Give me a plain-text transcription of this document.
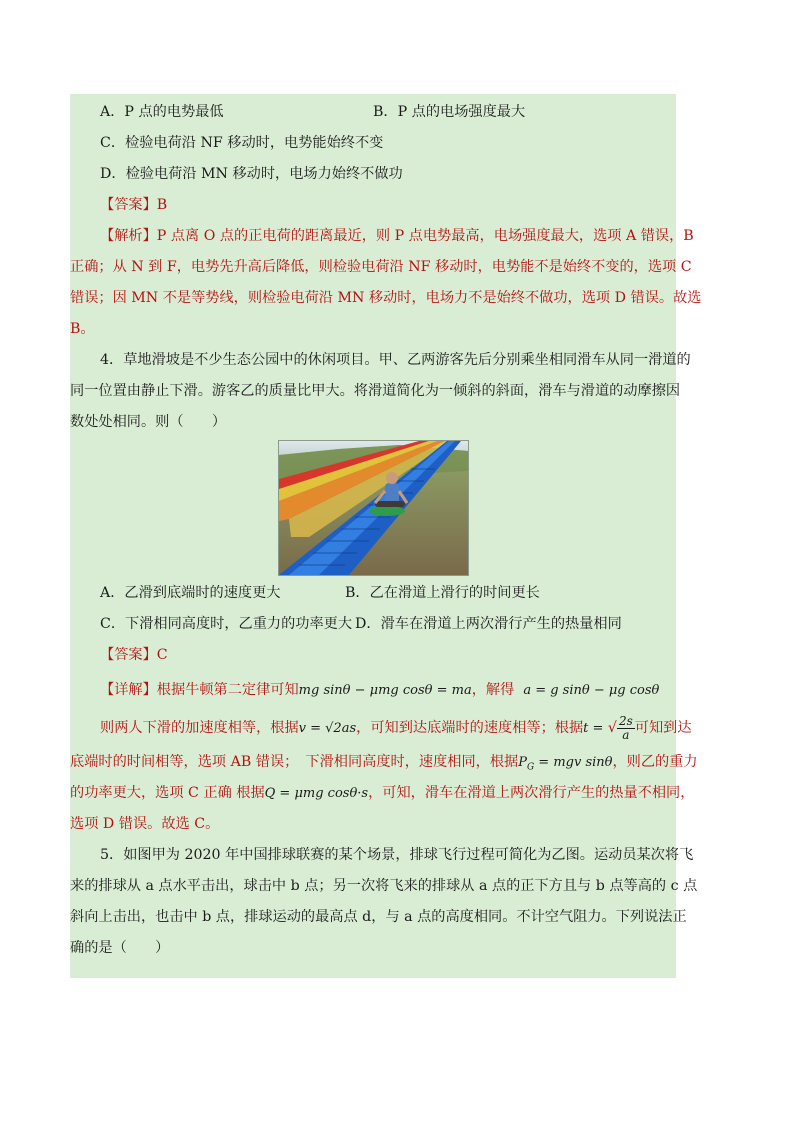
A．P 点的电势最低	B．P 点的电场强度最大
C．检验电荷沿 NF 移动时，电势能始终不变
D．检验电荷沿 MN 移动时，电场力始终不做功
【答案】B
【解析】P 点离 O 点的正电荷的距离最近，则 P 点电势最高，电场强度最大，选项 A 错误，B
正确；从 N 到 F，电势先升高后降低，则检验电荷沿 NF 移动时，电势能不是始终不变的，选项 C
错误；因 MN 不是等势线，则检验电荷沿 MN 移动时，电场力不是始终不做功，选项 D 错误。故选
B。
4．草地滑坡是不少生态公园中的休闲项目。甲、乙两游客先后分别乘坐相同滑车从同一滑道的
同一位置由静止下滑。游客乙的质量比甲大。将滑道简化为一倾斜的斜面，滑车与滑道的动摩擦因
数处处相同。则（　　）
A．乙滑到底端时的速度更大	B．乙在滑道上滑行的时间更长
C．下滑相同高度时，乙重力的功率更大 D．滑车在滑道上两次滑行产生的热量相同
【答案】C
【详解】根据牛顿第二定律可知mg sinθ − μmg cosθ = ma，解得 a = g sinθ − μg cosθ
则两人下滑的加速度相等，根据v = √2as，可知到达底端时的速度相等；根据t = √ $\frac{2s}{a}$ 可知到达
底端时的时间相等，选项 AB 错误；　下滑相同高度时，速度相同，根据$P_G$ = mgv sinθ，则乙的重力
的功率更大，选项 C 正确 根据Q = μmg cosθ·s，可知，滑车在滑道上两次滑行产生的热量不相同，
选项 D 错误。故选 C。
5．如图甲为 2020 年中国排球联赛的某个场景，排球飞行过程可简化为乙图。运动员某次将飞
来的排球从 a 点水平击出，球击中 b 点；另一次将飞来的排球从 a 点的正下方且与 b 点等高的 c 点
斜向上击出，也击中 b 点，排球运动的最高点 d，与 a 点的高度相同。不计空气阻力。下列说法正
确的是（　　）
